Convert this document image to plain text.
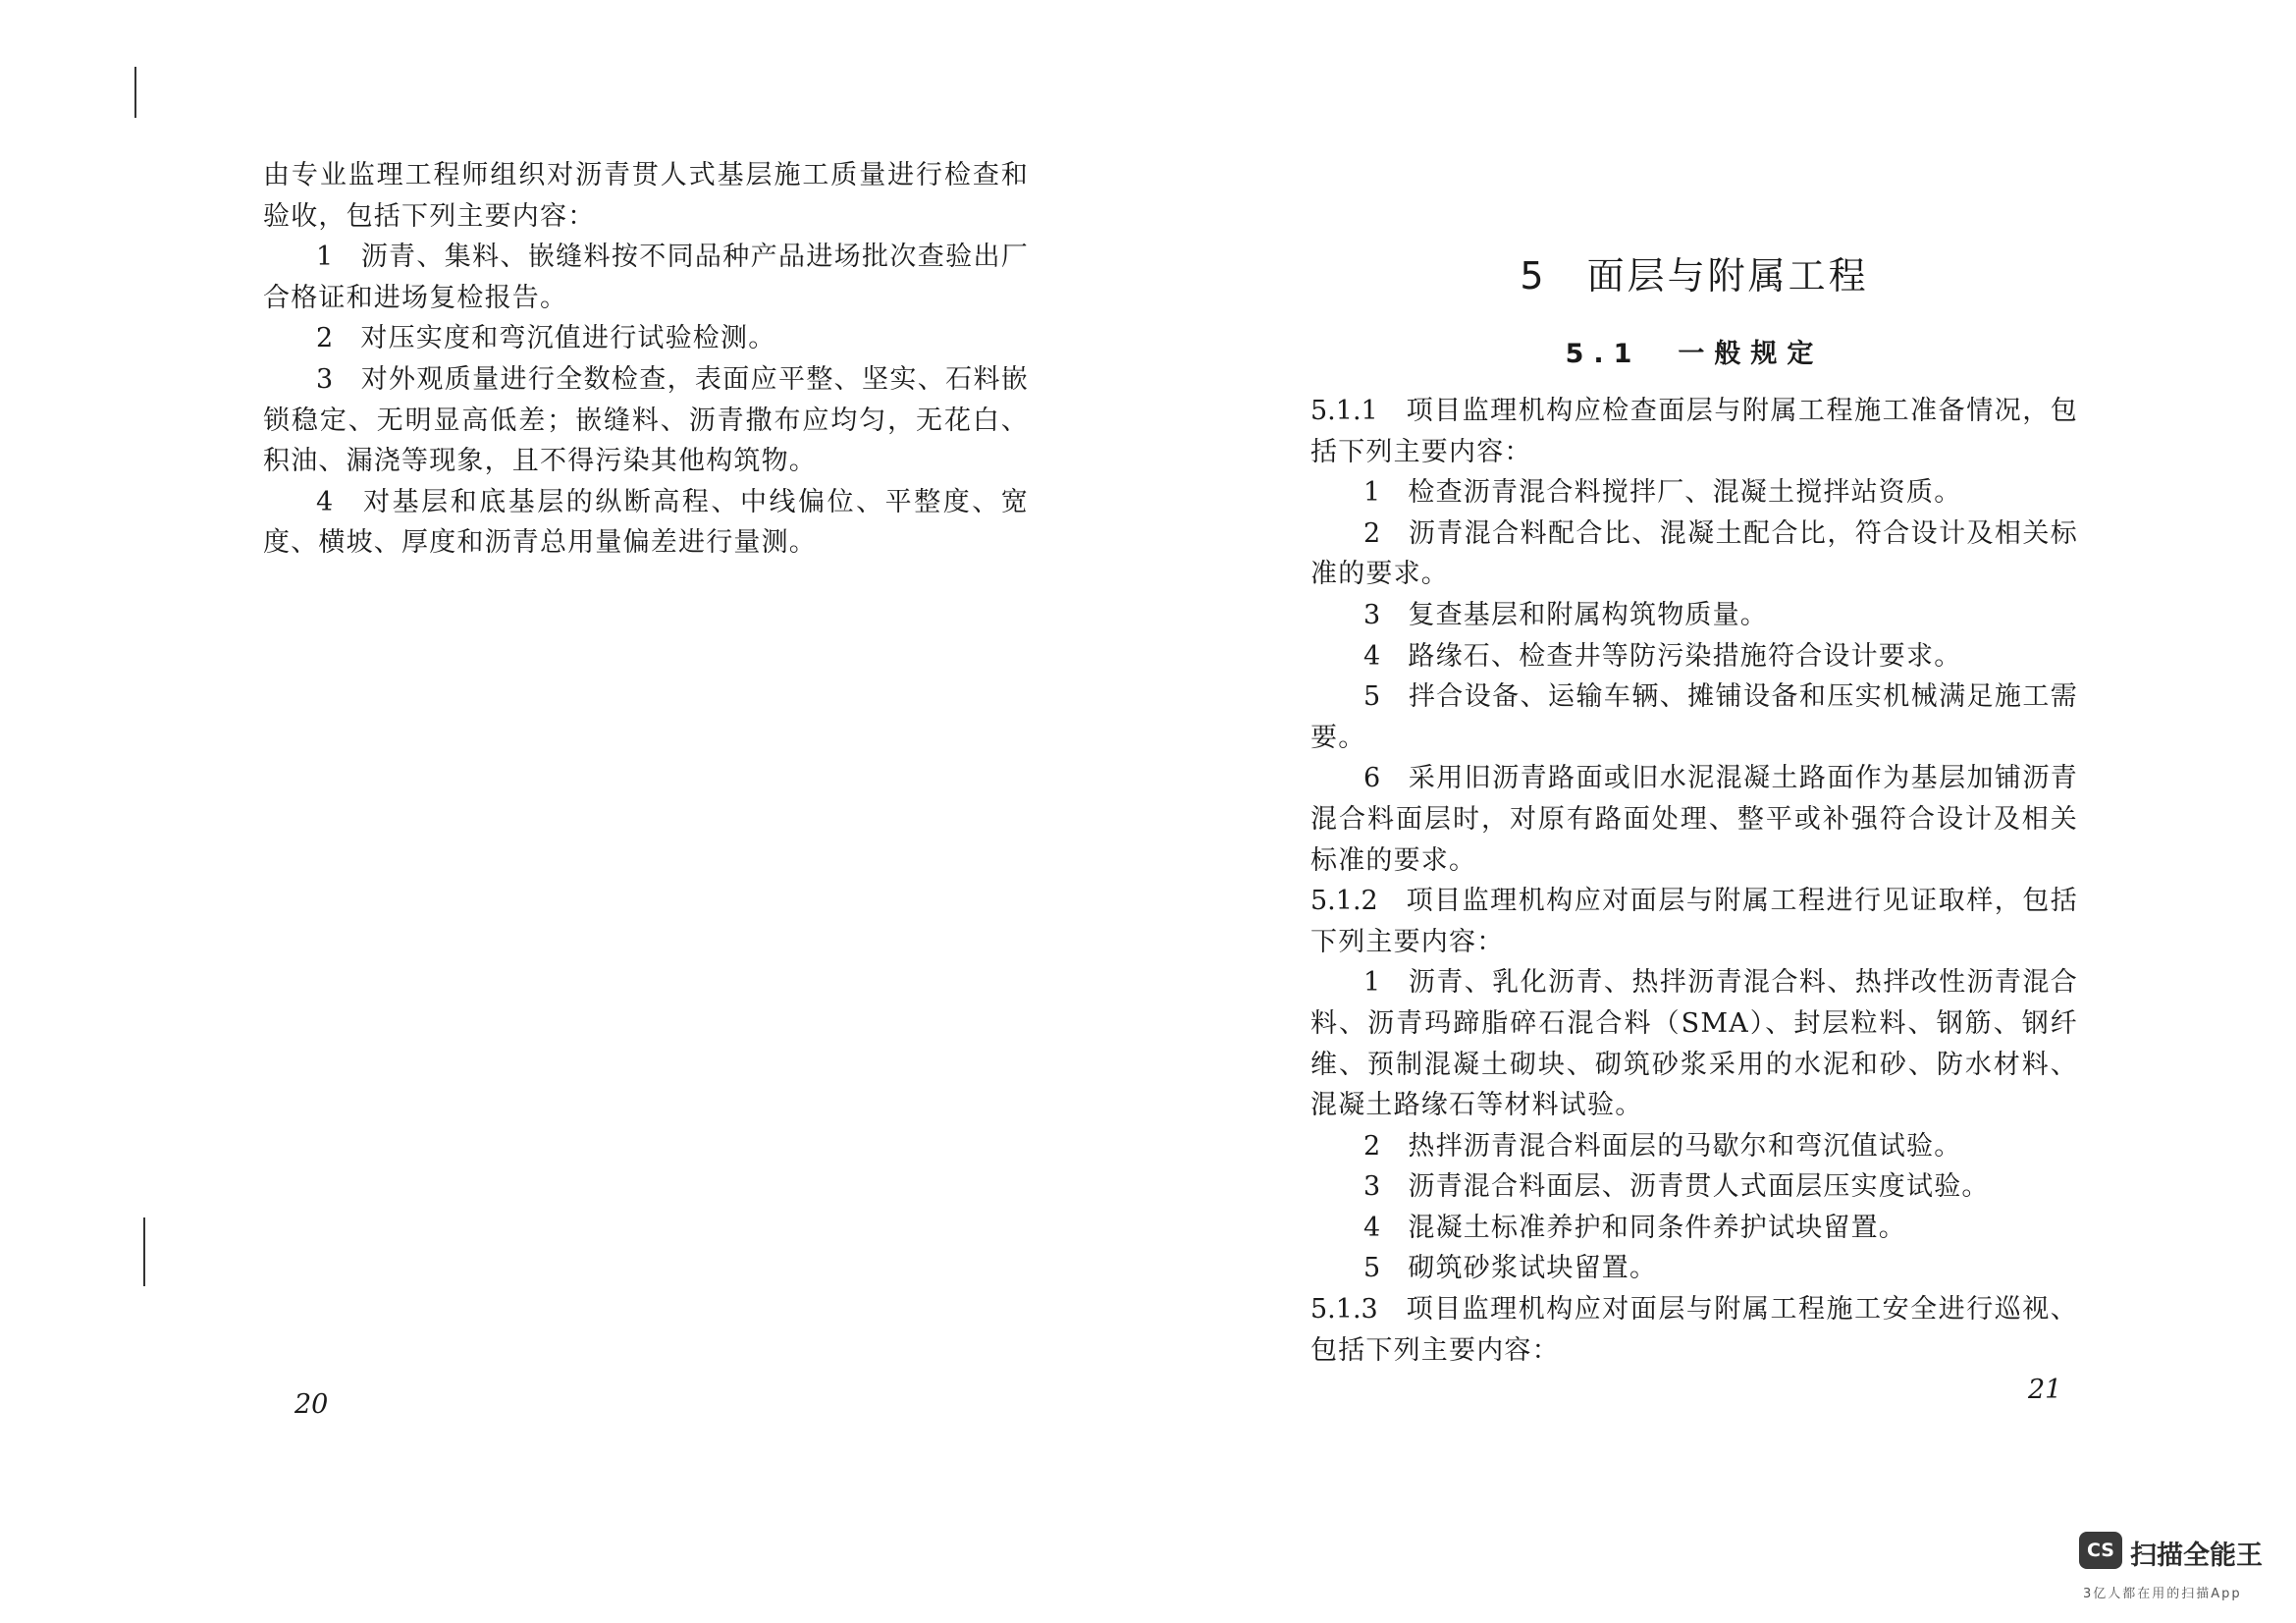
由专业监理工程师组织对沥青贯人式基层施工质量进行检查和验收，包括下列主要内容：

1　 沥青、集料、嵌缝料按不同品种产品进场批次查验出厂合格证和进场复检报告。

2　 对压实度和弯沉值进行试验检测。

3　 对外观质量进行全数检查，表面应平整、坚实、石料嵌锁稳定、无明显高低差；嵌缝料、沥青撒布应均匀，无花白、积油、漏浇等现象，且不得污染其他构筑物。

4　 对基层和底基层的纵断高程、中线偏位、平整度、宽度、横坡、厚度和沥青总用量偏差进行量测。

20
5　面层与附属工程
5.1　一般规定

5.1.1　 项目监理机构应检查面层与附属工程施工准备情况，包括下列主要内容：

1　 检查沥青混合料搅拌厂、混凝土搅拌站资质。

2　 沥青混合料配合比、混凝土配合比，符合设计及相关标准的要求。

3　 复查基层和附属构筑物质量。

4　 路缘石、检查井等防污染措施符合设计要求。

5　 拌合设备、运输车辆、摊铺设备和压实机械满足施工需要。

6　 采用旧沥青路面或旧水泥混凝土路面作为基层加铺沥青混合料面层时，对原有路面处理、整平或补强符合设计及相关标准的要求。

5.1.2　 项目监理机构应对面层与附属工程进行见证取样，包括下列主要内容：

1　 沥青、乳化沥青、热拌沥青混合料、热拌改性沥青混合料、沥青玛蹄脂碎石混合料（SMA）、封层粒料、钢筋、钢纤维、预制混凝土砌块、砌筑砂浆采用的水泥和砂、防水材料、混凝土路缘石等材料试验。

2　 热拌沥青混合料面层的马歇尔和弯沉值试验。

3　 沥青混合料面层、沥青贯人式面层压实度试验。

4　 混凝土标准养护和同条件养护试块留置。

5　 砌筑砂浆试块留置。

5.1.3　 项目监理机构应对面层与附属工程施工安全进行巡视、包括下列主要内容：

21
CS 扫描全能王
3亿人都在用的扫描App
